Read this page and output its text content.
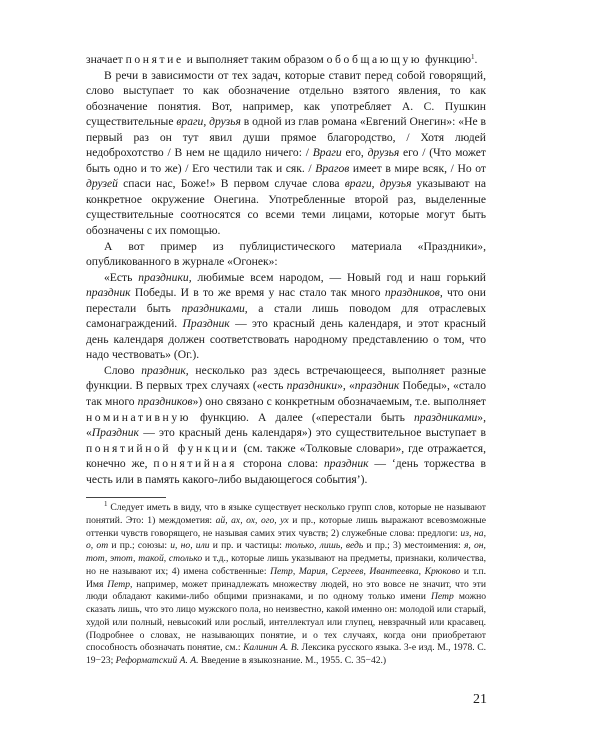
значает понятие и выполняет таким образом обобщающую функцию$^1$.

В речи в зависимости от тех задач, которые ставит перед собой говорящий, слово выступает то как обозначение отдельно взятого явления, то как обозначение понятия. Вот, например, как употребляет А. С. Пушкин существительные враги, друзья в одной из глав романа «Евгений Онегин»: «Не в первый раз он тут явил души прямое благородство, / Хотя людей недоброхотство / В нем не щадило ничего: / Враги его, друзья его / (Что может быть одно и то же) / Его честили так и сяк. / Врагов имеет в мире всяк, / Но от друзей спаси нас, Боже!» В первом случае слова враги, друзья указывают на конкретное окружение Онегина. Употребленные второй раз, выделенные существительные соотносятся со всеми теми лицами, которые могут быть обозначены с их помощью.

А вот пример из публицистического материала «Праздники», опубликованного в журнале «Огонек»:

«Есть праздники, любимые всем народом, — Новый год и наш горький праздник Победы. И в то же время у нас стало так много праздников, что они перестали быть праздниками, а стали лишь поводом для отраслевых самонаграждений. Праздник — это красный день календаря, и этот красный день календаря должен соответствовать народному представлению о том, что надо чествовать» (Ог.).

Слово праздник, несколько раз здесь встречающееся, выполняет разные функции. В первых трех случаях («есть праздники», «праздник Победы», «стало так много праздников») оно связано с конкретным обозначаемым, т.е. выполняет номинативную функцию. А далее («перестали быть праздниками», «Праздник — это красный день календаря») это существительное выступает в понятийной функции (см. также «Толковые словари», где отражается, конечно же, понятийная сторона слова: праздник — ‘день торжества в честь или в память какого-либо выдающегося события’).

$^1$ Следует иметь в виду, что в языке существует несколько групп слов, которые не называют понятий. Это: 1) междометия: ай, ах, ох, ого, ух и пр., которые лишь выражают всевозможные оттенки чувств говорящего, не называя самих этих чувств; 2) служебные слова: предлоги: из, на, о, от и пр.; союзы: и, но, или и пр. и частицы: только, лишь, ведь и пр.; 3) местоимения: я, он, тот, этот, такой, столько и т.д., которые лишь указывают на предметы, признаки, количества, но не называют их; 4) имена собственные: Петр, Мария, Сергеев, Ивантеевка, Крюково и т.п. Имя Петр, например, может принадлежать множеству людей, но это вовсе не значит, что эти люди обладают какими-либо общими признаками, и по одному только имени Петр можно сказать лишь, что это лицо мужского пола, но неизвестно, какой именно он: молодой или старый, худой или полный, невысокий или рослый, интеллектуал или глупец, невзрачный или красавец. (Подробнее о словах, не называющих понятие, и о тех случаях, когда они приобретают способность обозначать понятие, см.: Калинин А. В. Лексика русского языка. 3-е изд. М., 1978. С. 19−23; Реформатский А. А. Введение в языкознание. М., 1955. С. 35−42.)

21
